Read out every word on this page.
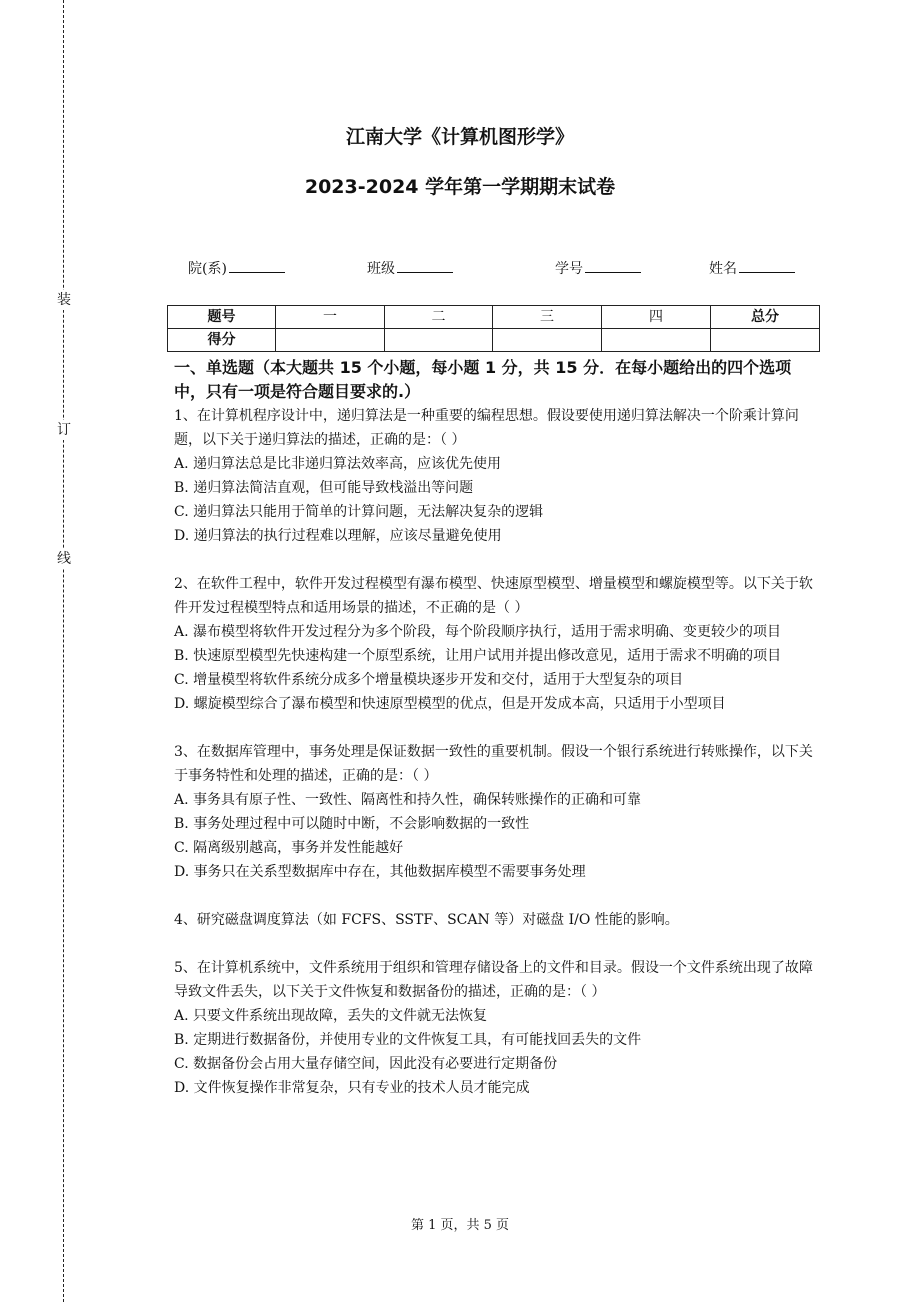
装
订
线
江南大学《计算机图形学》
2023-2024 学年第一学期期末试卷
院(系)	班级	学号	姓名
题号	一	二	三	四	总分
得分					

一、单选题（本大题共 15 个小题，每小题 1 分，共 15 分．在每小题给出的四个选项中，只有一项是符合题目要求的.）

1、在计算机程序设计中，递归算法是一种重要的编程思想。假设要使用递归算法解决一个阶乘计算问题，以下关于递归算法的描述，正确的是：（ ）

A. 递归算法总是比非递归算法效率高，应该优先使用

B. 递归算法简洁直观，但可能导致栈溢出等问题

C. 递归算法只能用于简单的计算问题，无法解决复杂的逻辑

D. 递归算法的执行过程难以理解，应该尽量避免使用

2、在软件工程中，软件开发过程模型有瀑布模型、快速原型模型、增量模型和螺旋模型等。以下关于软件开发过程模型特点和适用场景的描述，不正确的是（ ）

A. 瀑布模型将软件开发过程分为多个阶段，每个阶段顺序执行，适用于需求明确、变更较少的项目

B. 快速原型模型先快速构建一个原型系统，让用户试用并提出修改意见，适用于需求不明确的项目

C. 增量模型将软件系统分成多个增量模块逐步开发和交付，适用于大型复杂的项目

D. 螺旋模型综合了瀑布模型和快速原型模型的优点，但是开发成本高，只适用于小型项目

3、在数据库管理中，事务处理是保证数据一致性的重要机制。假设一个银行系统进行转账操作，以下关于事务特性和处理的描述，正确的是：（ ）

A. 事务具有原子性、一致性、隔离性和持久性，确保转账操作的正确和可靠

B. 事务处理过程中可以随时中断，不会影响数据的一致性

C. 隔离级别越高，事务并发性能越好

D. 事务只在关系型数据库中存在，其他数据库模型不需要事务处理

4、研究磁盘调度算法（如 FCFS、SSTF、SCAN 等）对磁盘 I/O 性能的影响。

5、在计算机系统中，文件系统用于组织和管理存储设备上的文件和目录。假设一个文件系统出现了故障导致文件丢失，以下关于文件恢复和数据备份的描述，正确的是：（ ）

A. 只要文件系统出现故障，丢失的文件就无法恢复

B. 定期进行数据备份，并使用专业的文件恢复工具，有可能找回丢失的文件

C. 数据备份会占用大量存储空间，因此没有必要进行定期备份

D. 文件恢复操作非常复杂，只有专业的技术人员才能完成

第 1 页，共 5 页
